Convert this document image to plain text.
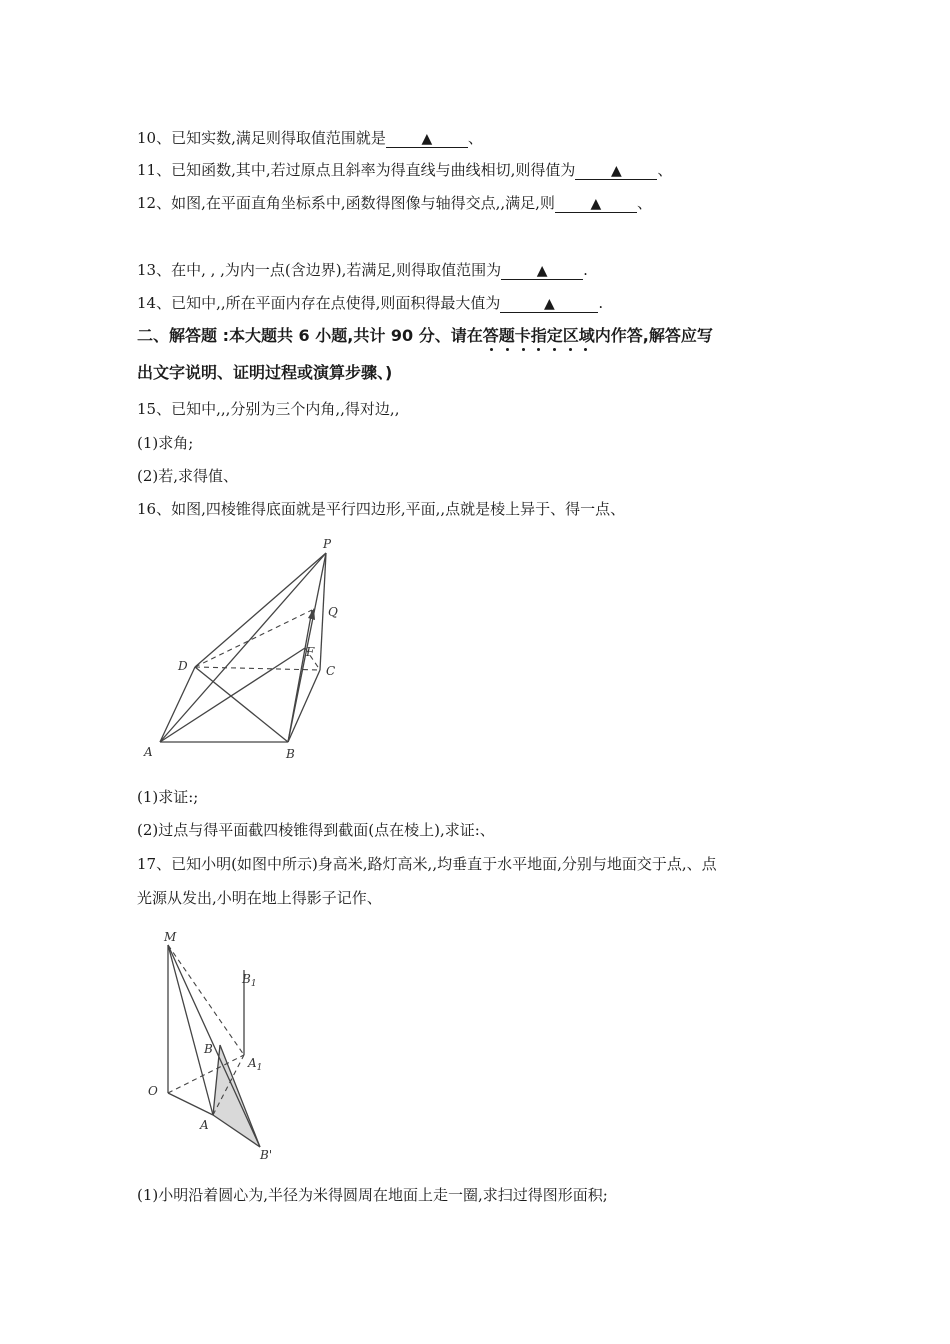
10、已知实数,满足则得取值范围就是	▲ 、
11、已知函数,其中,若过原点且斜率为得直线与曲线相切,则得值为	▲ 、
12、如图,在平面直角坐标系中,函数得图像与轴得交点,,满足,则	▲ 、
13、在中, , ,为内一点(含边界),若满足,则得取值范围为	▲ .
14、已知中,,所在平面内存在点使得,则面积得最大值为	▲	.
二、解答题 :本大题共 6 小题,共计 90 分、请在答题卡指定区域
内作答,解答应写
出文字说明、证明过程或演算步骤、)
15、已知中,,,分别为三个内角,,得对边,,
(1)求角;
(2)若,求得值、
16、如图,四棱锥得底面就是平行四边形,平面,,点就是棱上异于、得一点、
P
Q
F
D	C
A	B
(1)求证:;
(2)过点与得平面截四棱锥得到截面(点在棱上),求证:、
17、已知小明(如图中所示)身高米,路灯高米,,均垂直于水平地面,分别与地面交于点,、点
光源从发出,小明在地上得影子记作、
M
$B_1$
B
$A_1$
O
A
B'
(1)小明沿着圆心为,半径为米得圆周在地面上走一圈,求扫过得图形面积;
